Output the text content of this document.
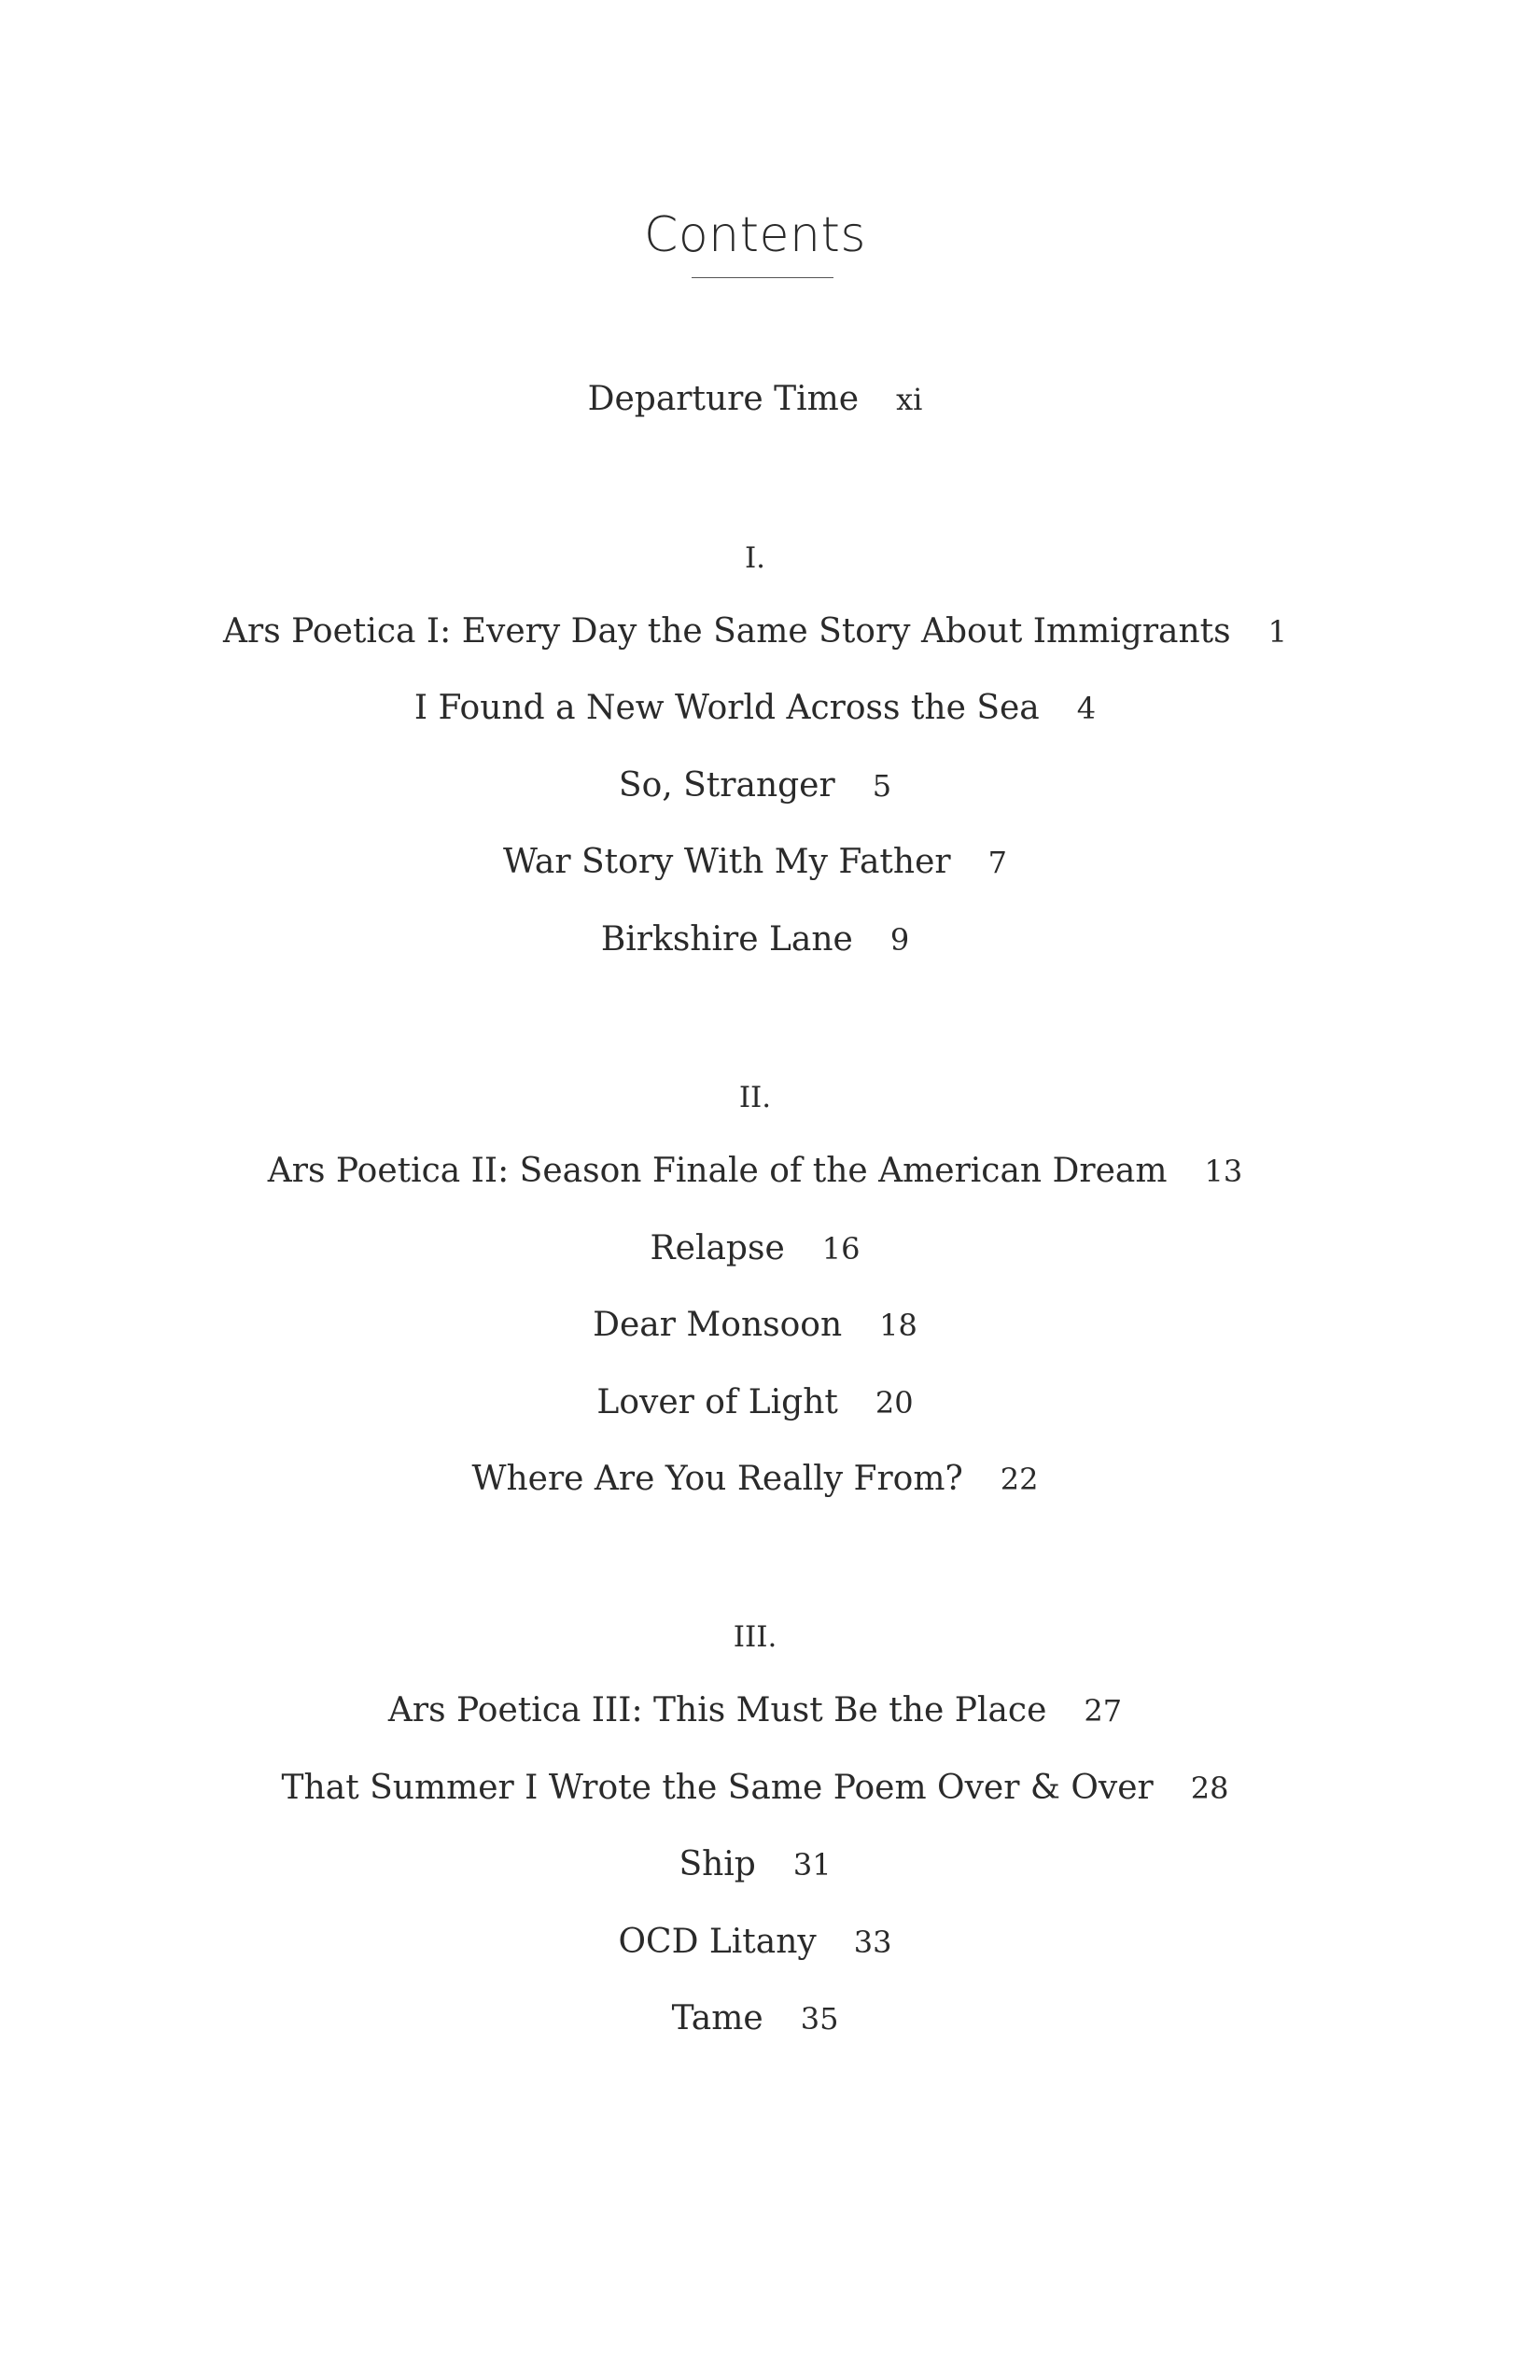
Contents
Departure Time xi
I.
Ars Poetica I: Every Day the Same Story About Immigrants 1
I Found a New World Across the Sea 4
So, Stranger 5
War Story With My Father 7
Birkshire Lane 9
II.
Ars Poetica II: Season Finale of the American Dream 13
Relapse 16
Dear Monsoon 18
Lover of Light 20
Where Are You Really From? 22
III.
Ars Poetica III: This Must Be the Place 27
That Summer I Wrote the Same Poem Over & Over 28
Ship 31
OCD Litany 33
Tame 35
